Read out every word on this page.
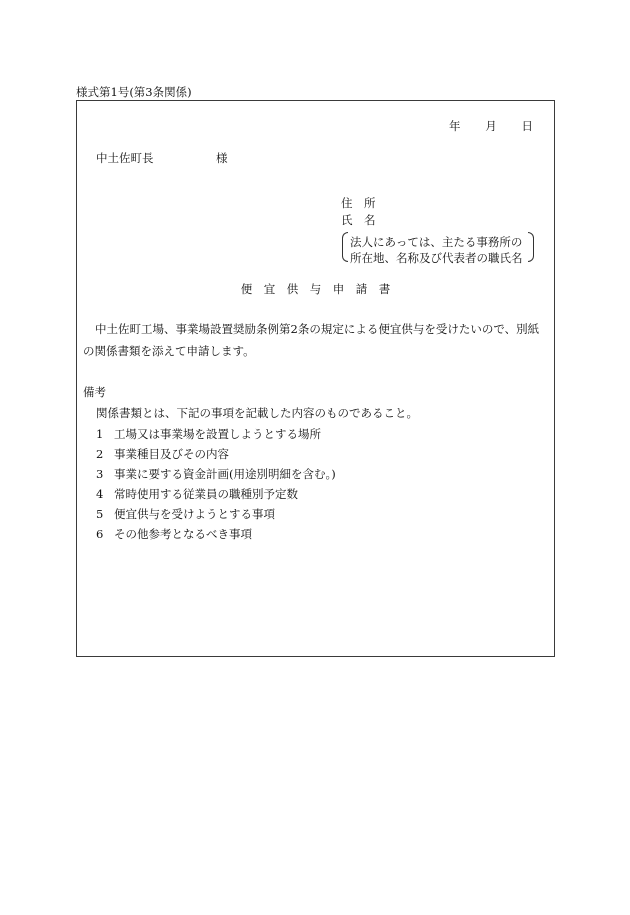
様式第1号(第3条関係)
年 月 日
中土佐町長	様
住　所
氏　名
法人にあっては、主たる事務所の
所在地、名称及び代表者の職氏名
便　宜　供　与　申　請　書
中土佐町工場、事業場設置奨励条例第2条の規定による便宜供与を受けたいので、別紙の関係書類を添えて申請します。
備考
関係書類とは、下記の事項を記載した内容のものであること。
1 工場又は事業場を設置しようとする場所
2 事業種目及びその内容
3 事業に要する資金計画(用途別明細を含む。)
4 常時使用する従業員の職種別予定数
5 便宜供与を受けようとする事項
6 その他参考となるべき事項
